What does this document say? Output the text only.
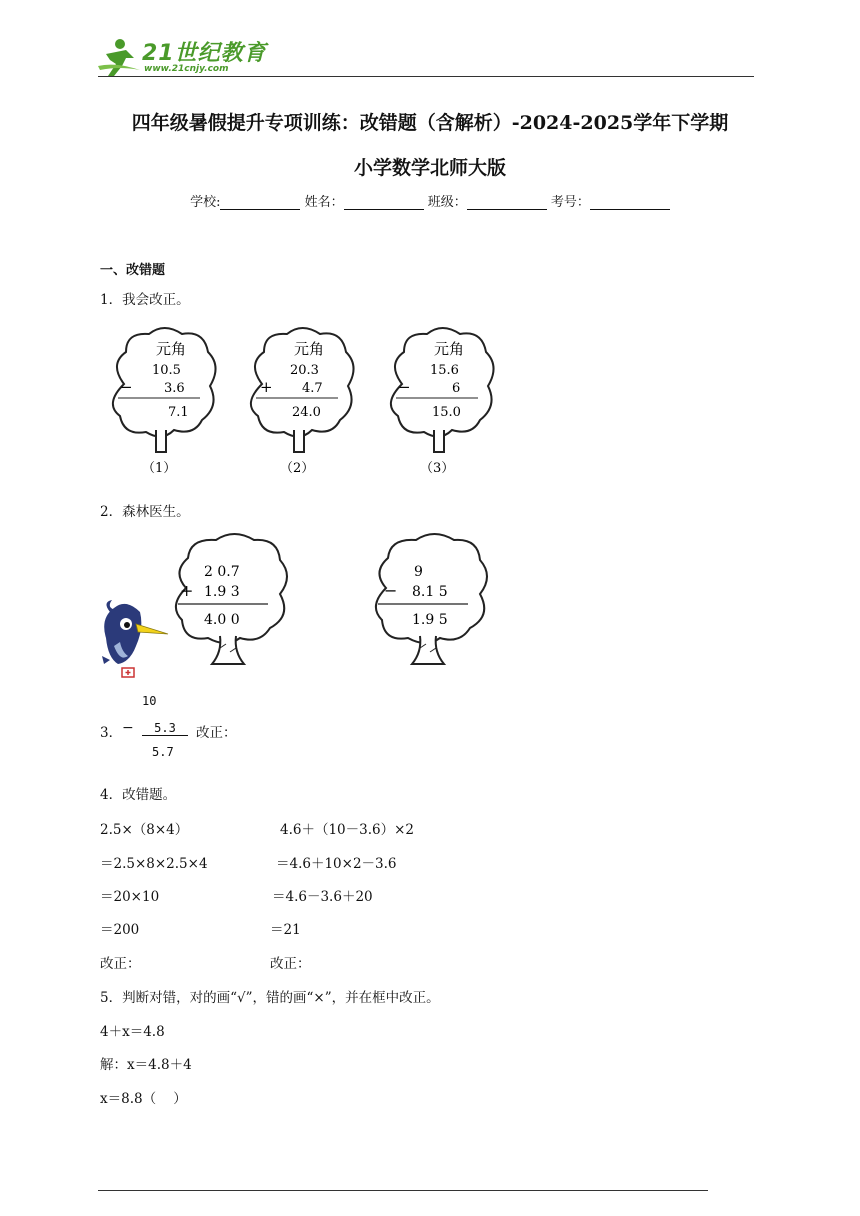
21世纪教育
www.21cnjy.com
四年级暑假提升专项训练：改错题（含解析）-2024-2025学年下学期
小学数学北师大版
学校:	姓名：	班级：	考号：
一、改错题
1．我会改正。
元角
10.5
− 3.6
7.1
（1）
元角
20.3
+ 4.7
24.0
（2）
元角
15.6
−	6
15.0
（3）
2．森林医生。
2 0.7
+ 1.9 3
4.0 0
9
− 8.1 5
1.9 5
10
3． −	5.3	改正：
5.7
4．改错题。
2.5×（8×4）
＝2.5×8×2.5×4
＝20×10
＝200
改正：
4.6＋（10－3.6）×2
＝4.6＋10×2－3.6
＝4.6－3.6＋20
＝21
改正：
5．判断对错，对的画“√”，错的画“×”，并在框中改正。
4＋x＝4.8
解：x＝4.8＋4
x＝8.8（    ）
